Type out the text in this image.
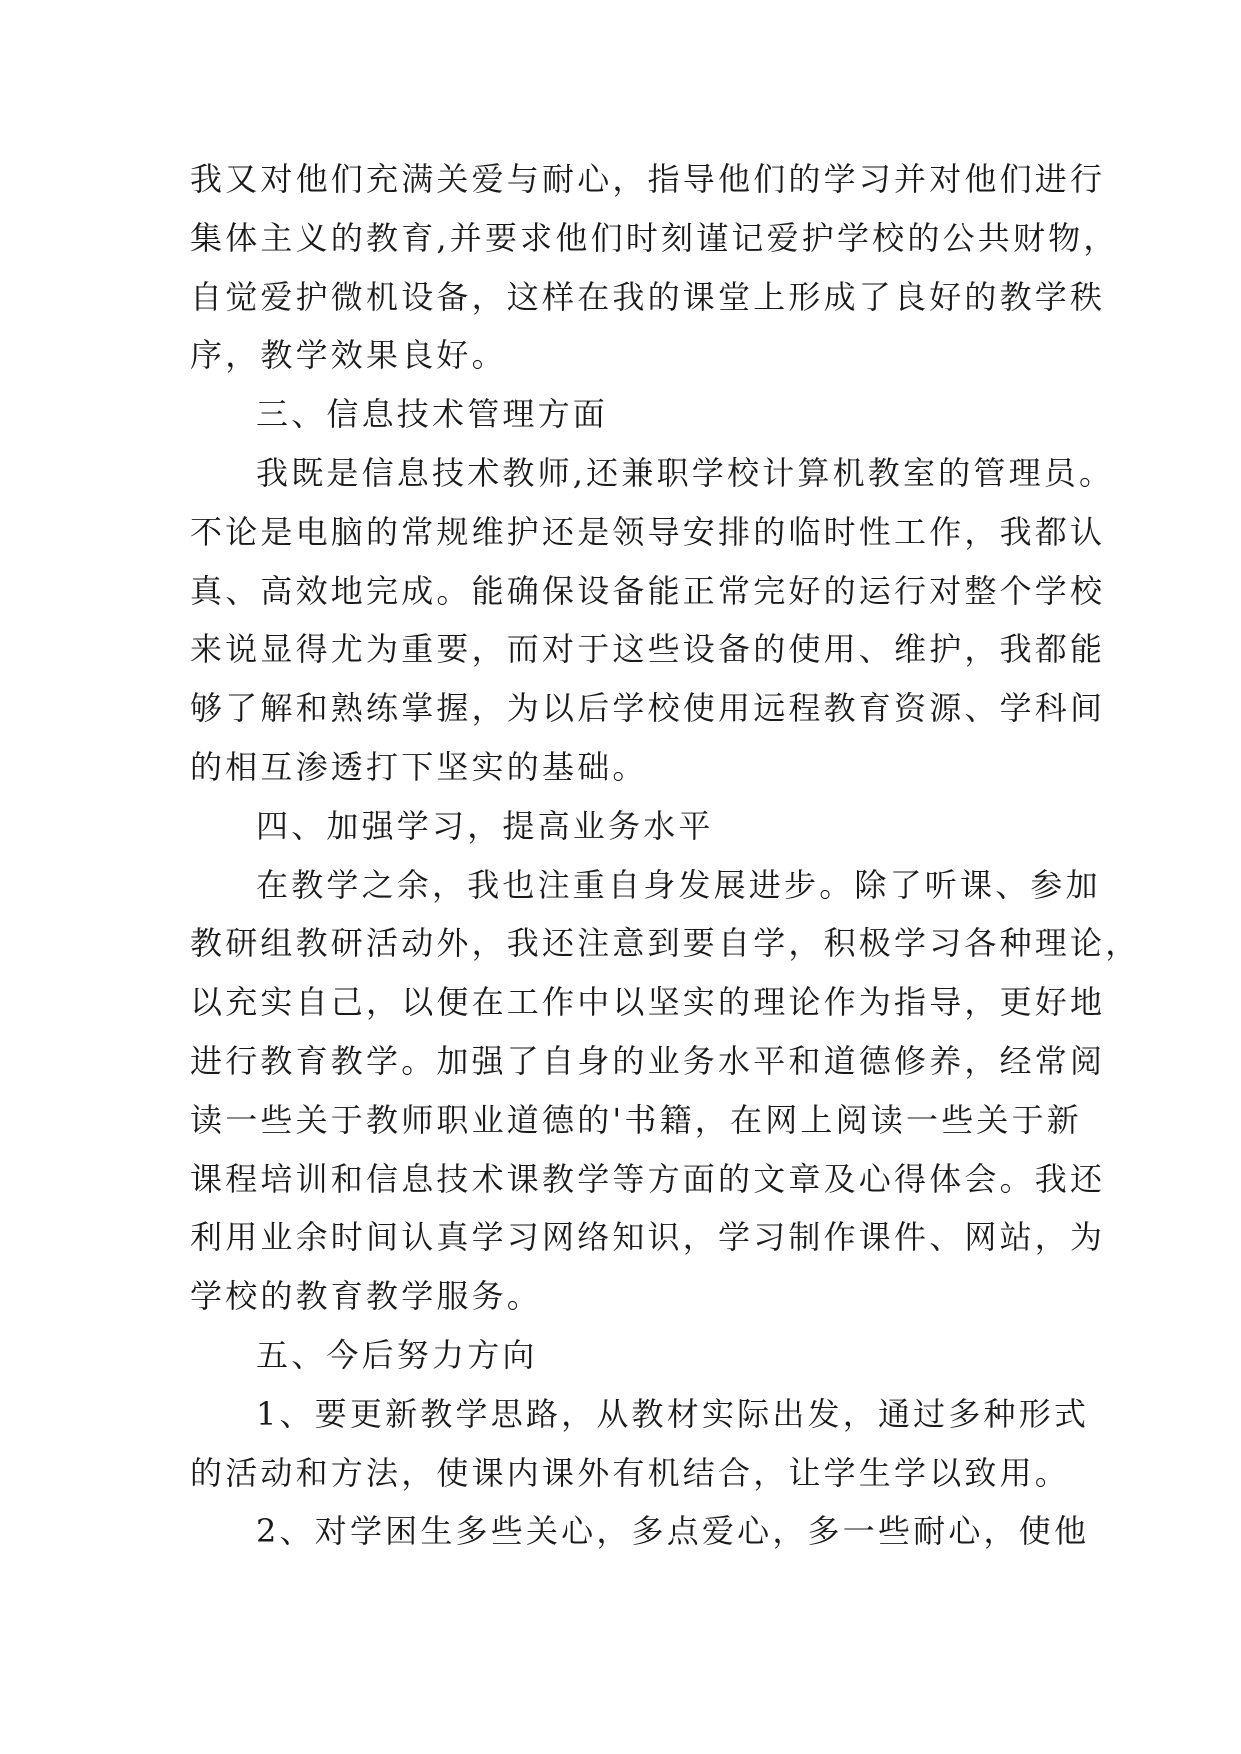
我又对他们充满关爱与耐心，指导他们的学习并对他们进行
集体主义的教育,并要求他们时刻谨记爱护学校的公共财物，
自觉爱护微机设备，这样在我的课堂上形成了良好的教学秩
序，教学效果良好。
三、信息技术管理方面
我既是信息技术教师,还兼职学校计算机教室的管理员。
不论是电脑的常规维护还是领导安排的临时性工作，我都认
真、高效地完成。能确保设备能正常完好的运行对整个学校
来说显得尤为重要，而对于这些设备的使用、维护，我都能
够了解和熟练掌握，为以后学校使用远程教育资源、学科间
的相互渗透打下坚实的基础。
四、加强学习，提高业务水平
在教学之余，我也注重自身发展进步。除了听课、参加
教研组教研活动外，我还注意到要自学，积极学习各种理论，
以充实自己，以便在工作中以坚实的理论作为指导，更好地
进行教育教学。加强了自身的业务水平和道德修养，经常阅
读一些关于教师职业道德的'书籍，在网上阅读一些关于新
课程培训和信息技术课教学等方面的文章及心得体会。我还
利用业余时间认真学习网络知识，学习制作课件、网站，为
学校的教育教学服务。
五、今后努力方向
1、要更新教学思路，从教材实际出发，通过多种形式
的活动和方法，使课内课外有机结合，让学生学以致用。
2、对学困生多些关心，多点爱心，多一些耐心，使他
